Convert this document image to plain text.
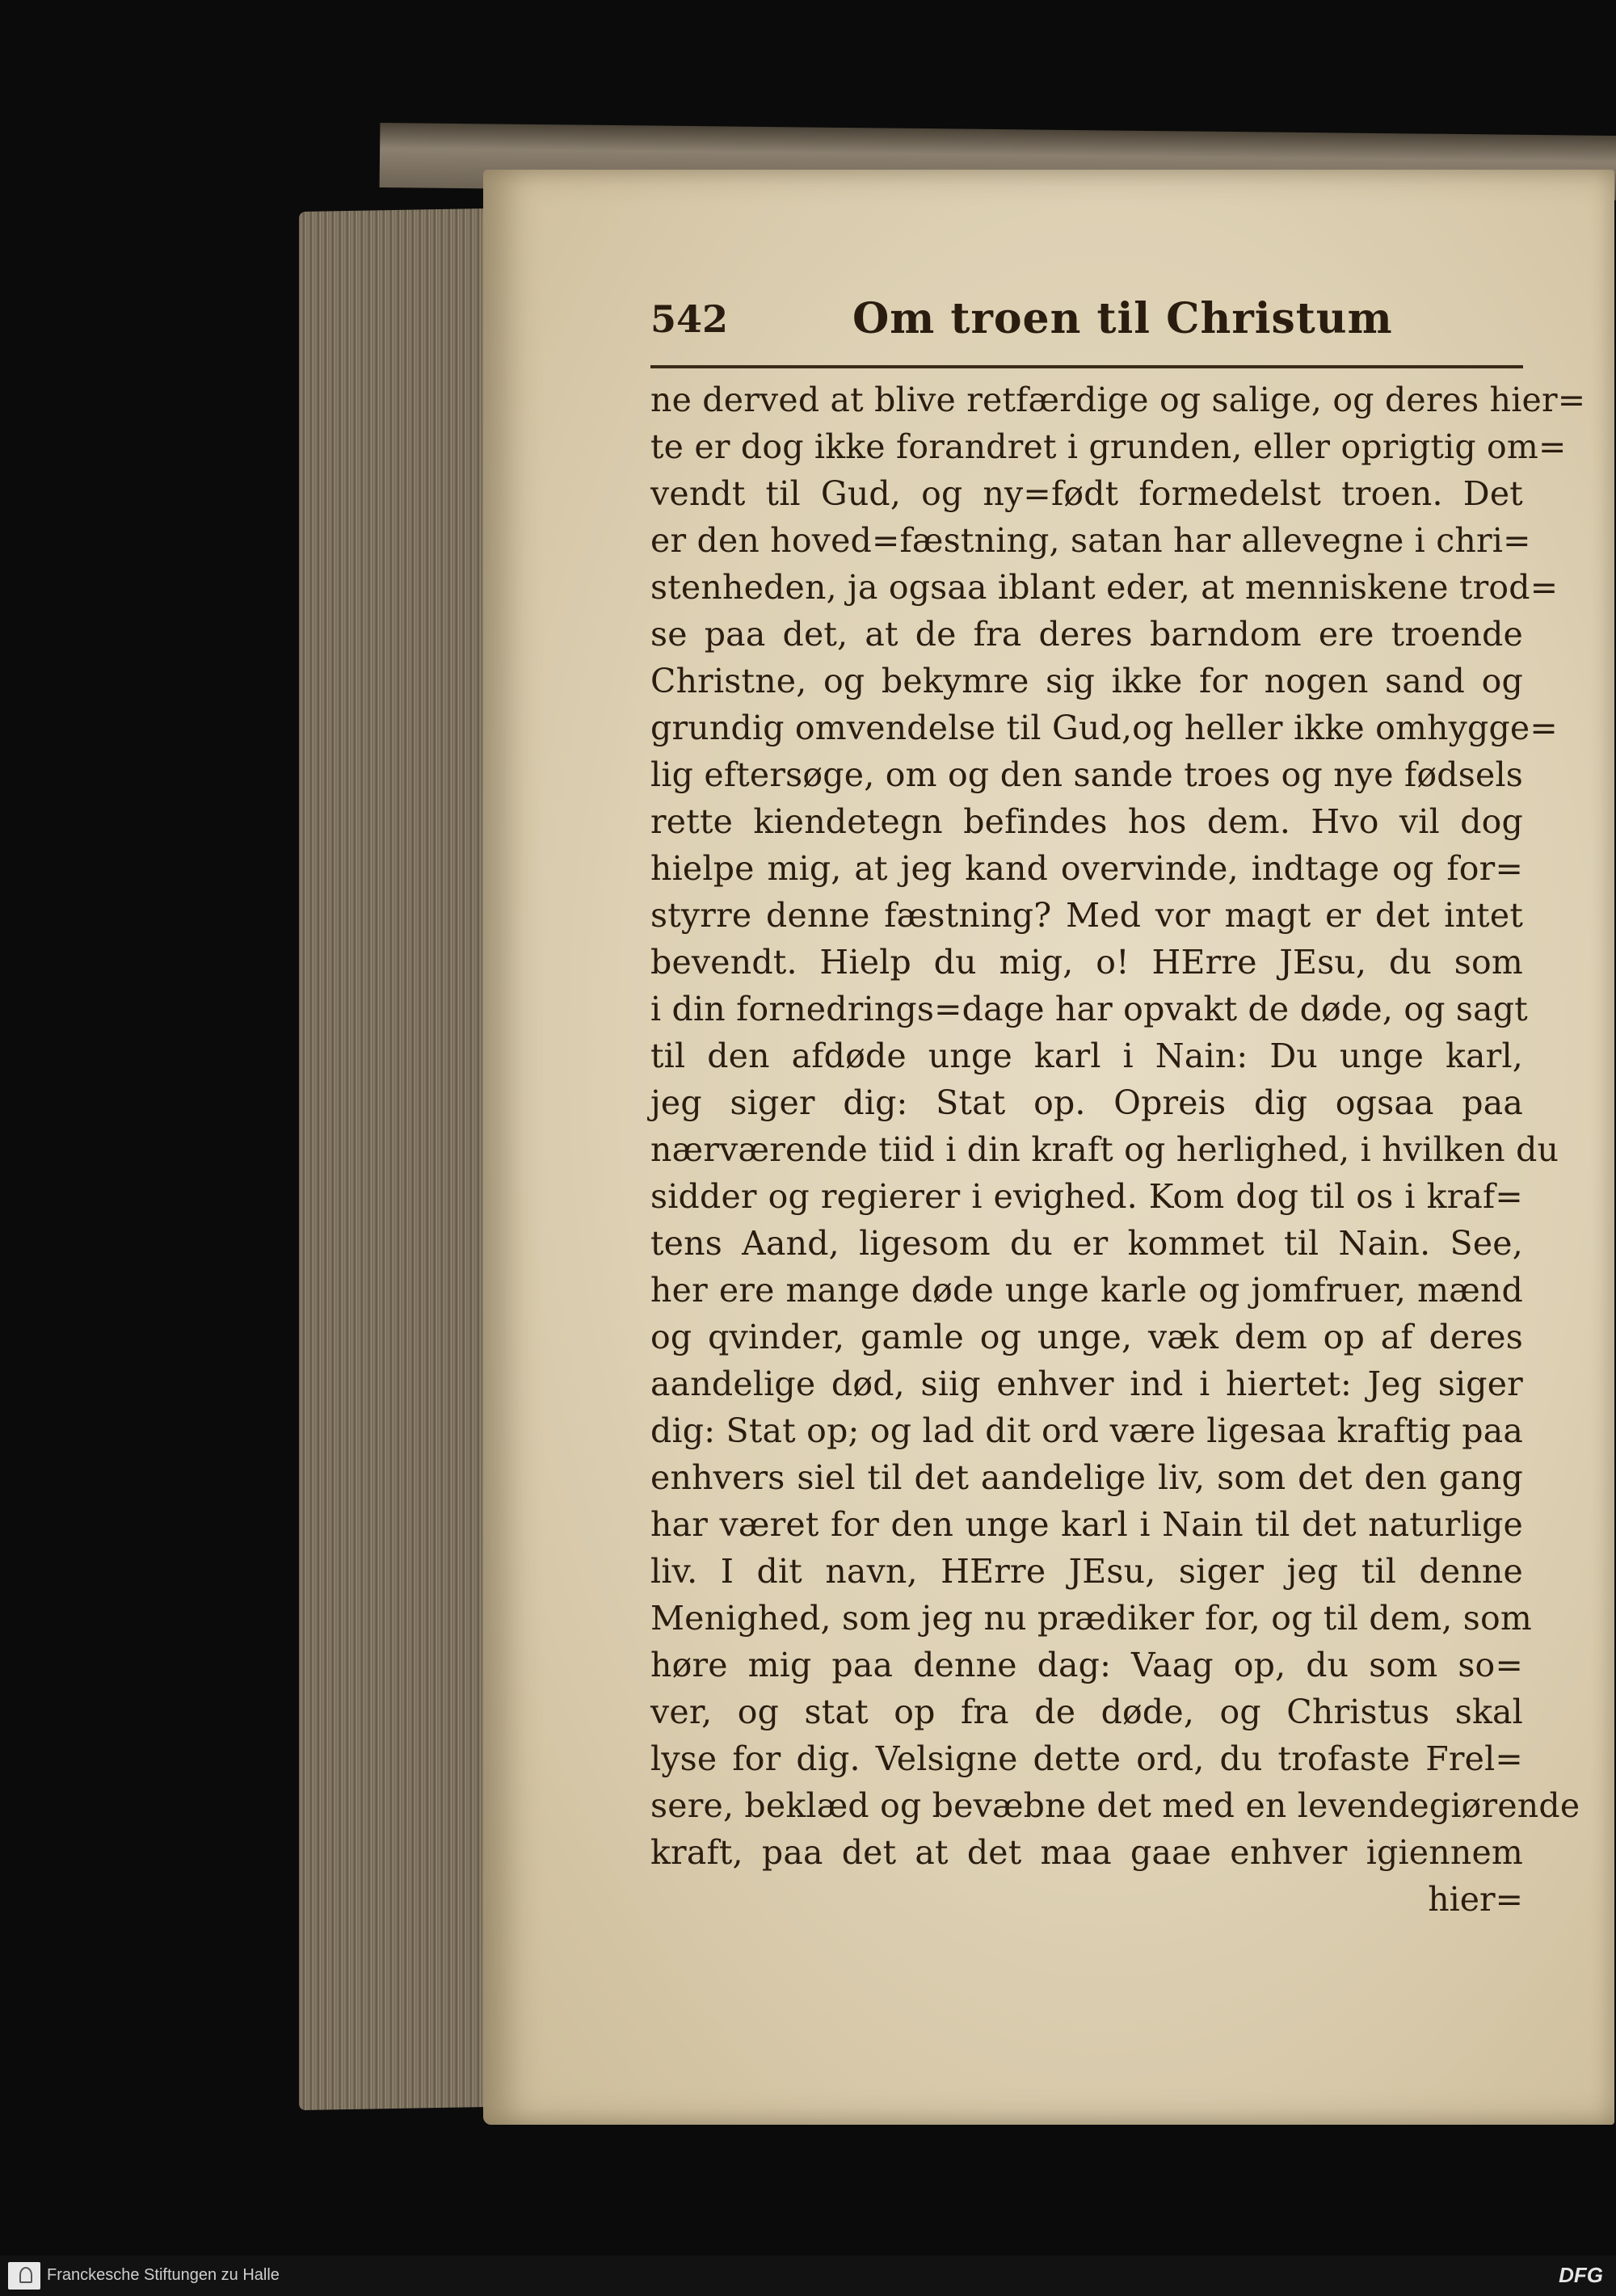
542	Om troen til Christum
ne derved at blive retfærdige og salige, og deres hier=
te er dog ikke forandret i grunden, eller oprigtig om=
vendt til Gud, og ny=født formedelst troen. Det
er den hoved=fæstning, satan har allevegne i chri=
stenheden, ja ogsaa iblant eder, at menniskene trod=
se paa det, at de fra deres barndom ere troende
Christne, og bekymre sig ikke for nogen sand og
grundig omvendelse til Gud,og heller ikke omhygge=
lig eftersøge, om og den sande troes og nye fødsels
rette kiendetegn befindes hos dem. Hvo vil dog
hielpe mig, at jeg kand overvinde, indtage og for=
styrre denne fæstning? Med vor magt er det intet
bevendt. Hielp du mig, o! HErre JEsu, du som
i din fornedrings=dage har opvakt de døde, og sagt
til den afdøde unge karl i Nain: Du unge karl,
jeg siger dig: Stat op. Opreis dig ogsaa paa
nærværende tiid i din kraft og herlighed, i hvilken du
sidder og regierer i evighed. Kom dog til os i kraf=
tens Aand, ligesom du er kommet til Nain. See,
her ere mange døde unge karle og jomfruer, mænd
og qvinder, gamle og unge, væk dem op af deres
aandelige død, siig enhver ind i hiertet: Jeg siger
dig: Stat op; og lad dit ord være ligesaa kraftig paa
enhvers siel til det aandelige liv, som det den gang
har været for den unge karl i Nain til det naturlige
liv. I dit navn, HErre JEsu, siger jeg til denne
Menighed, som jeg nu prædiker for, og til dem, som
høre mig paa denne dag: Vaag op, du som so=
ver, og stat op fra de døde, og Christus skal
lyse for dig. Velsigne dette ord, du trofaste Frel=
sere, beklæd og bevæbne det med en levendegiørende
kraft, paa det at det maa gaae enhver igiennem
hier=
Franckesche Stiftungen zu Halle	DFG
